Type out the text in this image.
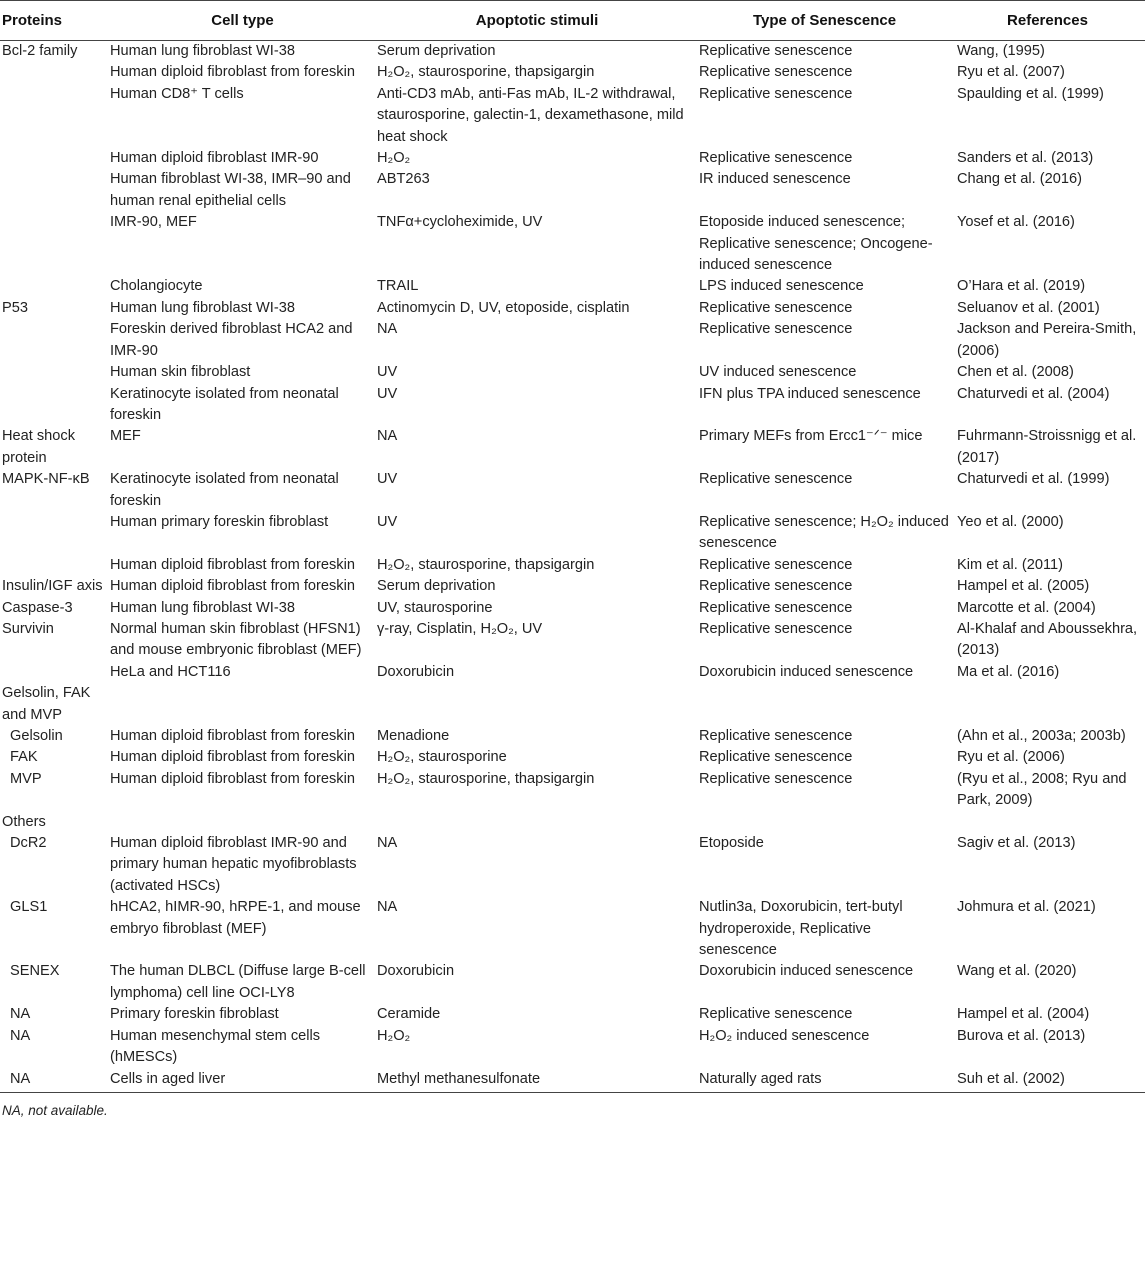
Proteins	Cell type	Apoptotic stimuli	Type of Senescence	References
Bcl-2 family	Human lung fibroblast WI-38	Serum deprivation	Replicative senescence	Wang, (1995)
	Human diploid fibroblast from foreskin	H₂O₂, staurosporine, thapsigargin	Replicative senescence	Ryu et al. (2007)
	Human CD8⁺ T cells	Anti-CD3 mAb, anti-Fas mAb, IL-2 withdrawal, staurosporine, galectin-1, dexamethasone, mild heat shock	Replicative senescence	Spaulding et al. (1999)
	Human diploid fibroblast IMR-90	H₂O₂	Replicative senescence	Sanders et al. (2013)
	Human fibroblast WI-38, IMR–90 and human renal epithelial cells	ABT263	IR induced senescence	Chang et al. (2016)
	IMR-90, MEF	TNFα+cycloheximide, UV	Etoposide induced senescence; Replicative senescence; Oncogene-induced senescence	Yosef et al. (2016)
	Cholangiocyte	TRAIL	LPS induced senescence	O’Hara et al. (2019)
P53	Human lung fibroblast WI-38	Actinomycin D, UV, etoposide, cisplatin	Replicative senescence	Seluanov et al. (2001)
	Foreskin derived fibroblast HCA2 and IMR-90	NA	Replicative senescence	Jackson and Pereira-Smith, (2006)
	Human skin fibroblast	UV	UV induced senescence	Chen et al. (2008)
	Keratinocyte isolated from neonatal foreskin	UV	IFN plus TPA induced senescence	Chaturvedi et al. (2004)
Heat shock protein	MEF	NA	Primary MEFs from Ercc1⁻ᐟ⁻ mice	Fuhrmann-Stroissnigg et al. (2017)
MAPK-NF-κB	Keratinocyte isolated from neonatal foreskin	UV	Replicative senescence	Chaturvedi et al. (1999)
	Human primary foreskin fibroblast	UV	Replicative senescence; H₂O₂ induced senescence	Yeo et al. (2000)
	Human diploid fibroblast from foreskin	H₂O₂, staurosporine, thapsigargin	Replicative senescence	Kim et al. (2011)
Insulin/IGF axis	Human diploid fibroblast from foreskin	Serum deprivation	Replicative senescence	Hampel et al. (2005)
Caspase-3	Human lung fibroblast WI-38	UV, staurosporine	Replicative senescence	Marcotte et al. (2004)
Survivin	Normal human skin fibroblast (HFSN1) and mouse embryonic fibroblast (MEF)	γ-ray, Cisplatin, H₂O₂, UV	Replicative senescence	Al-Khalaf and Aboussekhra, (2013)
	HeLa and HCT116	Doxorubicin	Doxorubicin induced senescence	Ma et al. (2016)
Gelsolin, FAK and MVP				
Gelsolin	Human diploid fibroblast from foreskin	Menadione	Replicative senescence	(Ahn et al., 2003a; 2003b)
FAK	Human diploid fibroblast from foreskin	H₂O₂, staurosporine	Replicative senescence	Ryu et al. (2006)
MVP	Human diploid fibroblast from foreskin	H₂O₂, staurosporine, thapsigargin	Replicative senescence	(Ryu et al., 2008; Ryu and Park, 2009)
Others				
DcR2	Human diploid fibroblast IMR-90 and primary human hepatic myofibroblasts (activated HSCs)	NA	Etoposide	Sagiv et al. (2013)
GLS1	hHCA2, hIMR-90, hRPE-1, and mouse embryo fibroblast (MEF)	NA	Nutlin3a, Doxorubicin, tert-butyl hydroperoxide, Replicative senescence	Johmura et al. (2021)
SENEX	The human DLBCL (Diffuse large B-cell lymphoma) cell line OCI-LY8	Doxorubicin	Doxorubicin induced senescence	Wang et al. (2020)
NA	Primary foreskin fibroblast	Ceramide	Replicative senescence	Hampel et al. (2004)
NA	Human mesenchymal stem cells (hMESCs)	H₂O₂	H₂O₂ induced senescence	Burova et al. (2013)
NA	Cells in aged liver	Methyl methanesulfonate	Naturally aged rats	Suh et al. (2002)
NA, not available.
